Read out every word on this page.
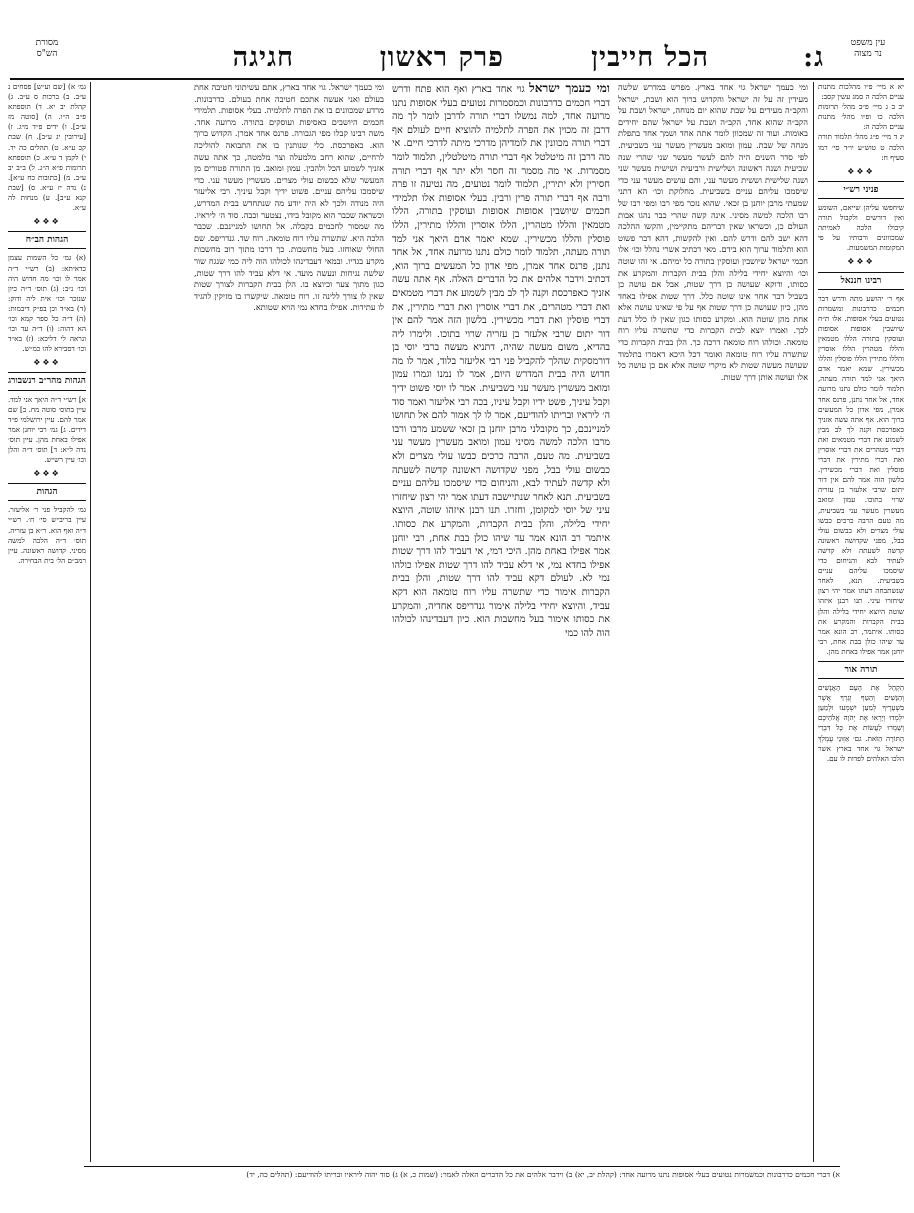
עין משפט
נר מצוה
ג:
הכל חייבין
פרק ראשון
חגיגה
מסורת
הש"ס
יא א מיי׳ פ״ו מהלכות מתנות עניים הלכה ה סמג עשין קסב:
יב ב ג מיי׳ פ״ב מהל׳ תרומות הלכה כו ופ״ו מהל׳ מתנות עניים הלכה ה:
יג ד מיי׳ פ״ג מהל׳ תלמוד תורה הלכה ט טוש״ע יו״ד סי׳ רמו סעיף ח:
❖❖❖
פניני רש״י
שיחפשו עליהן שייאם, השומע ואין דורשים ולקבול תורה קיבולו הלכה לאמיתה שמכווונים ורבותיו על פי המקומות המשמעות.
❖❖❖
רבינו חננאל
אף ר׳ יהושע מתה ודרש דבר חכמים כדרבונות ומשמרות נטועים בעלי אסופות. אלו ת״ח שיושבין אסופות אסופות ועוסקין בתורה הללו מטמאין והללו מטהרין הללו אוסרין והללו מתירין הללו פוסלין והללו מכשירין. שמא יאמר אדם היאך אני למד תורה מעתה, תלמוד לומר כולם נתנו מרועה אחד, אל אחד נתנן, פרנס אחד אמרן, מפי אדון כל המעשים ברוך הוא. אף אתה עשה אזניך כאפרכסת וקנה לך לב מבין לשמוע את דברי מטמאים ואת דברי מטהרים את דברי אוסרין ואת דברי מתירין את דברי פוסלין ואת דברי מכשירין. בלשון הזה אמר להם אין דור יתום שרבי אלעזר בן עזריה שרוי בתוכו. עמון ומואב מעשרין מעשר עני בשביעית, מה טעם הרבה כרכים כבשו עולי מצרים ולא כבשום עולי בבל, מפני שקדושה ראשונה קדשה לשעתה ולא קדשה לעתיד לבא והניחום כדי שיסמכו עליהם עניים בשביעית. תנא, לאחר שנשתבחה דעתו אמר יהי רצון שיחזרו עיני. תנו רבנן איזהו שוטה היוצא יחידי בלילה והלן בבית הקברות והמקרע את כסותו. איתמר, רב הונא אמר עד שיהו כולן בבת אחת, רבי יוחנן אמר אפילו באחת מהן.
תורה אור
הַקְהֵל אֶת הָעָם הָאֲנָשִׁים וְהַנָּשִׁים וְהַטַּף וְגֵרְךָ אֲשֶׁר בִּשְׁעָרֶיךָ לְמַעַן יִשְׁמְעוּ וּלְמַעַן יִלְמְדוּ וְיָרְאוּ אֶת יְהֹוָה אֱלֹהֵיכֶם וְשָׁמְרוּ לַעֲשׂוֹת אֶת כָּל דִּבְרֵי הַתּוֹרָה הַזֹּאת. גם׳ אַזְוּנֵי עֶמְלְךָ ישראל גוי אחד בארץ אשר הלכו האלהים לפדות לו עם.
ומי כעמך ישראל גוי אחד בארץ. מפרש במדרש שלשה מעידין זה על זה ישראל והקדוש ברוך הוא ושבת, ישראל והקב״ה מעידים על שבת שהוא יום מנוחה, ישראל ושבת על הקב״ה שהוא אחד, הקב״ה ושבת על ישראל שהם יחידים באומות. ועוד זה שמכוון לומר אתה אחד ושמך אחד בתפלת מנחה של שבת. עמון ומואב מעשרין מעשר עני בשביעית. לפי סדר השנים היה להם לעשר מעשר שני שהרי שנה שביעית ושנה ראשונה ושלישית ורביעית ושישית מעשר שני ושנה שלישית וששית מעשר עני, והם עושים מעשר עני כדי שיסמכו עליהם עניים בשביעית. מחלוקת וכו׳ הא דתני שמעתי מרבן יוחנן בן זכאי. שהוא נזכר מפי רבו ומפי רבו של רבו הלכה למשה מסיני. אינה קשה שהרי כבר נהגו אבות העולם כן, וכשראו שאין דבריהם מתקיימין, והקשו ההלכה דהא ישב להם ודרש להם. ואין להקשות, דהא דבר פשוט הוא ותלמוד ערוך הוא בידם. מאי דכתיב אשרי נהלל וכו׳ אלו חכמי ישראל שיושבין ועוסקין בתורה כל ימיהם. אי זהו שוטה וכו׳ והיוצא יחידי בלילה והלן בבית הקברות והמקרע את כסותו, ודוקא שעושה כן דרך שטות, אבל אם עושה כן בשביל דבר אחר אינו שוטה כלל. דרך שטות אפילו באחד מהן, כיון שעושה כן דרך שטות אף על פי שאינו עושה אלא אחת מהן שוטה הוא. ומקרע כסותו כגון שאין לו כלל דעת לכך. ואמרו יוצא לבית הקברות כדי שתשרה עליו רוח טומאה. וכולהו רוח טומאה דרכה כך. הלן בבית הקברות כדי שתשרה עליו רוח טומאה ואומר דכל היכא דאמרו בתלמוד שעושה מעשה שטות לא מיקרי שוטה אלא אם כן עושה כל אלו ועושה אותן דרך שטות.
ומי כעמך ישראל גוי אחד בארץ ואף הוא פתח ודרש דברי חכמים כדרבונות וכמסמרות נטועים בעלי אסופות נתנו מרועה אחד, למה נמשלו דברי תורה לדרבן לומר לך מה דרבן זה מכוין את הפרה לתלמיה להוציא חיים לעולם אף דברי תורה מכוונין את לומדיהן מדרכי מיתה לדרכי חיים. אי מה דרבן זה מיטלטל אף דברי תורה מיטלטלין, תלמוד לומר מסמרות. אי מה מסמר זה חסר ולא יתר אף דברי תורה חסירין ולא יתירין, תלמוד לומר נטועים, מה נטיעה זו פרה ורבה אף דברי תורה פרין ורבין. בעלי אסופות אלו תלמידי חכמים שיושבין אסופות אסופות ועוסקין בתורה, הללו מטמאין והללו מטהרין, הללו אוסרין והללו מתירין, הללו פוסלין והללו מכשירין. שמא יאמר אדם היאך אני למד תורה מעתה, תלמוד לומר כולם נתנו מרועה אחד, אל אחד נתנן, פרנס אחד אמרן, מפי אדון כל המעשים ברוך הוא, דכתיב וידבר אלהים את כל הדברים האלה. אף אתה עשה אזניך כאפרכסת וקנה לך לב מבין לשמוע את דברי מטמאים ואת דברי מטהרים, את דברי אוסרין ואת דברי מתירין, את דברי פוסלין ואת דברי מכשירין. בלשון הזה אמר להם אין דור יתום שרבי אלעזר בן עזריה שרוי בתוכו. ולימרו ליה בהדיא, משום מעשה שהיה, דתניא מעשה ברבי יוסי בן דורמסקית שהלך להקביל פני רבי אליעזר בלוד, אמר לו מה חדוש היה בבית המדרש היום, אמר לו נמנו וגמרו עמון ומואב מעשרין מעשר עני בשביעית. אמר לו יוסי פשוט ידיך וקבל עיניך, פשט ידיו וקבל עיניו, בכה רבי אליעזר ואמר סוד ה׳ ליראיו ובריתו להודיעם, אמר לו לך אמור להם אל תחושו למניינכם, כך מקובלני מרבן יוחנן בן זכאי ששמע מרבו ורבו מרבו הלכה למשה מסיני עמון ומואב מעשרין מעשר עני בשביעית. מה טעם, הרבה כרכים כבשו עולי מצרים ולא כבשום עולי בבל, מפני שקדושה ראשונה קדשה לשעתה ולא קדשה לעתיד לבא, והניחום כדי שיסמכו עליהם עניים בשביעית. תנא לאחר שנתיישבה דעתו אמר יהי רצון שיחזרו עיני של יוסי למקומן, וחזרו. תנו רבנן איזהו שוטה, היוצא יחידי בלילה, והלן בבית הקברות, והמקרע את כסותו. איתמר רב הונא אמר עד שיהו כולן בבת אחת, רבי יוחנן אמר אפילו באחת מהן. היכי דמי, אי דעביד להו דרך שטות אפילו בחדא נמי, אי דלא עביד להו דרך שטות אפילו כולהו נמי לא. לעולם דקא עביד להו דרך שטות, והלן בבית הקברות אימור כדי שתשרה עליו רוח טומאה הוא דקא עביד, והיוצא יחידי בלילה אימור גנדריפס אחדיה, והמקרע את כסותו אימור בעל מחשבות הוא. כיון דעבדינהו לכולהו הוה להו כמי
ומי כעמך ישראל. גוי אחד בארץ, אתם עשיתוני חטיבה אחת בעולם ואני אעשה אתכם חטיבה אחת בעולם. כדרבונות. מרדע שמכוונים בו את הפרה לתלמיה. בעלי אסופות. תלמידי חכמים היושבים באסיפות ועוסקים בתורה. מרועה אחד. משה רבינו קבלו מפי הגבורה. פרנס אחד אמרן. הקדוש ברוך הוא. כאפרכסת. כלי שנותנין בו את התבואה להוליכה לרחיים, שהוא רחב מלמעלה וצר מלמטה, כך אתה עשה אזניך לשמוע הכל ולהבין. עמון ומואב. מן התורה פטורים מן המעשר שלא כבשום עולי מצרים. מעשרין מעשר עני. כדי שיסמכו עליהם עניים. פשוט ידיך וקבל עיניך. רבי אליעזר היה מנודה ולכך לא היה יודע מה שנתחדש בבית המדרש, וכשראה שכבר הוא מקובל בידו, נצטער וכבה. סוד ה׳ ליראיו. מה שמסור לחכמים בקבלה. אל תחושו למניינכם. שכבר הלכה היא. שתשרה עליו רוח טומאה. רוח שד. גנדריפס. שם החולי שאוחזו. בעל מחשבות. כך דרכו מתוך רוב מחשבות מקרע בגדיו. ובמאי דעבדינהו לכולהו הוה ליה כמי שנגח שור שלשה נגיחות ונעשה מועד. אי דלא עביד להו דרך שטות, כגון מתוך צער וכיוצא בו. הלן בבית הקברות לצורך שטות שאין לו צורך ללינה זו. רוח טומאה. שיקשרו בו מזיקין להגיד לו עתידות. אפילו בחדא נמי הויא שטותא.
גמ׳ א) [שם וע״ש] פסחים נ ע״ב. ב) ברכות ס ע״ב. ג) קהלת יב יא. ד) תוספתא פ״ב ה״ו. ה) [סוטה מז ע״ב]. ו) ידים פ״ד מ״ג. ז) [עירובין יג ע״ב]. ח) שבת קכ ע״א. ט) תהלים כה יד. י) לקמן ד ע״א. כ) תוספתא תרומות פ״א ה״ג. ל) ב״ב יב ע״ב. מ) [כתובות כח ע״א]. נ) נדה יז ע״א. ס) [שבת קנא ע״ב]. ע) מנחות לה ע״א.
❖❖❖
הגהות הב״ח
(א) גמ׳ כל השמות עצמן כדאיתא: (ב) רש״י ד״ה אמר לו וכו׳ מה חדוש היה וכו׳ נ״ב: (ג) תוס׳ ד״ה כיון שנזכר וכו׳ אית ליה ודוק: (ד) בא״ד וכן בפ״ק דיבמות: (ה) ד״ה כל ספר קמא וכו׳ הא דהוה: (ו) ד״ה עד וכו׳ ונראה לי דליכא: (ז) בא״ד וכו׳ דסבירא להו כמ״ש.
❖❖❖
הגהות מהר״ב רנשבורג
א] רש״י ד״ה היאך אני למד. עיין בתוס׳ סוטה מח. ב] שם אמר להם. עיין ירושלמי פ״ד דידים. ג] גמ׳ רבי יוחנן אמר אפילו באחת מהן. עיין תוס׳ נדה ל״א: ד] תוס׳ ד״ה והלן וכו׳ עיין רש״ש.
❖❖❖
הגהות
גמ׳ להקביל פני ר׳ אליעזר. עיין בריב״ש סי׳ ח׳. רש״י ד״ה ואף הוא. ר״א בן עזריה. תוס׳ ד״ה הלכה למשה מסיני. קדושה ראשונה. עיין רמב״ם הל׳ בית הבחירה.
א) דברי חכמים כדרבונות וכמשמרות נטועים בעלי אסופות נתנו מרועה אחד: (קהלת יב, יא) ב) וידבר אלהים את כל הדברים האלה לאמר: (שמות כ, א) ג) סוד יהוה ליראיו ובריתו להודיעם: (תהלים כה, יד)
